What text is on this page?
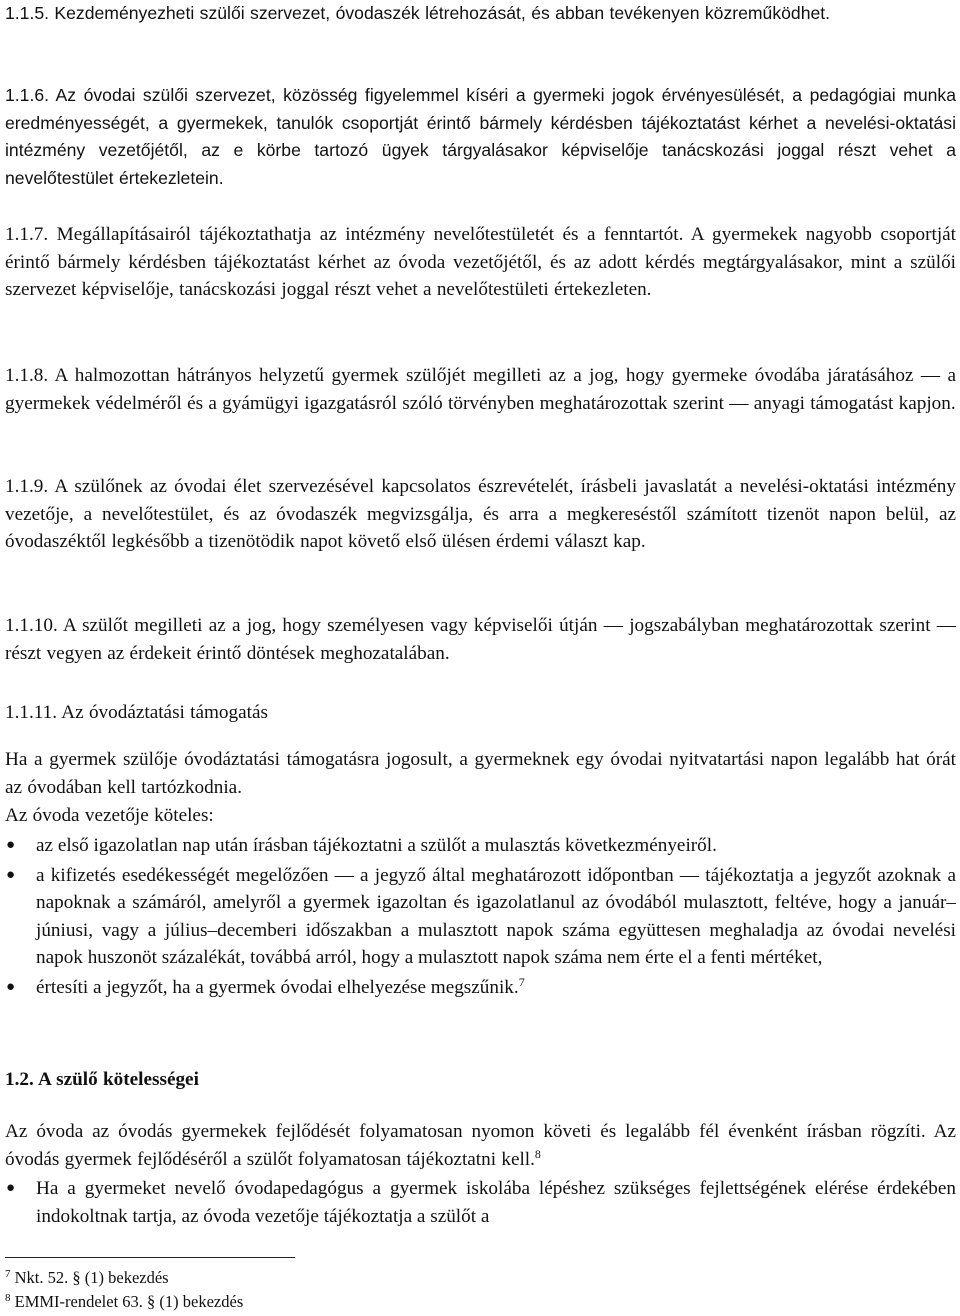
1.1.5. Kezdeményezheti szülői szervezet, óvodaszék létrehozását, és abban tevékenyen közreműködhet.

1.1.6. Az óvodai szülői szervezet, közösség figyelemmel kíséri a gyermeki jogok érvényesülését, a pedagógiai munka eredményességét, a gyermekek, tanulók csoportját érintő bármely kérdésben tájékoztatást kérhet a nevelési-oktatási intézmény vezetőjétől, az e körbe tartozó ügyek tárgyalásakor képviselője tanácskozási joggal részt vehet a nevelőtestület értekezletein.

1.1.7. Megállapításairól tájékoztathatja az intézmény nevelőtestületét és a fenntartót. A gyermekek nagyobb csoportját érintő bármely kérdésben tájékoztatást kérhet az óvoda vezetőjétől, és az adott kérdés megtárgyalásakor, mint a szülői szervezet képviselője, tanácskozási joggal részt vehet a nevelőtestületi értekezleten.

1.1.8. A halmozottan hátrányos helyzetű gyermek szülőjét megilleti az a jog, hogy gyermeke óvodába járatásához ― a gyermekek védelméről és a gyámügyi igazgatásról szóló törvényben meghatározottak szerint ― anyagi támogatást kapjon.

1.1.9. A szülőnek az óvodai élet szervezésével kapcsolatos észrevételét, írásbeli javaslatát a nevelési-oktatási intézmény vezetője, a nevelőtestület, és az óvodaszék megvizsgálja, és arra a megkereséstől számított tizenöt napon belül, az óvodaszéktől legkésőbb a tizenötödik napot követő első ülésen érdemi választ kap.

1.1.10. A szülőt megilleti az a jog, hogy személyesen vagy képviselői útján ― jogszabályban meghatározottak szerint ― részt vegyen az érdekeit érintő döntések meghozatalában.

1.1.11. Az óvodáztatási támogatás

Ha a gyermek szülője óvodáztatási támogatásra jogosult, a gyermeknek egy óvodai nyitvatartási napon legalább hat órát az óvodában kell tartózkodnia.

Az óvoda vezetője köteles:

● az első igazolatlan nap után írásban tájékoztatni a szülőt a mulasztás következményeiről.
● a kifizetés esedékességét megelőzően ― a jegyző által meghatározott időpontban ― tájékoztatja a jegyzőt azoknak a napoknak a számáról, amelyről a gyermek igazoltan és igazolatlanul az óvodából mulasztott, feltéve, hogy a január–júniusi, vagy a július–decemberi időszakban a mulasztott napok száma együttesen meghaladja az óvodai nevelési napok huszonöt százalékát, továbbá arról, hogy a mulasztott napok száma nem érte el a fenti mértéket,
● értesíti a jegyzőt, ha a gyermek óvodai elhelyezése megszűnik.$^7$

1.2. A szülő kötelességei

Az óvoda az óvodás gyermekek fejlődését folyamatosan nyomon követi és legalább fél évenként írásban rögzíti. Az óvodás gyermek fejlődéséről a szülőt folyamatosan tájékoztatni kell.$^8$

● Ha a gyermeket nevelő óvodapedagógus a gyermek iskolába lépéshez szükséges fejlettségének elérése érdekében indokoltnak tartja, az óvoda vezetője tájékoztatja a szülőt a
$^7$ Nkt. 52. § (1) bekezdés
$^8$ EMMI-rendelet 63. § (1) bekezdés
